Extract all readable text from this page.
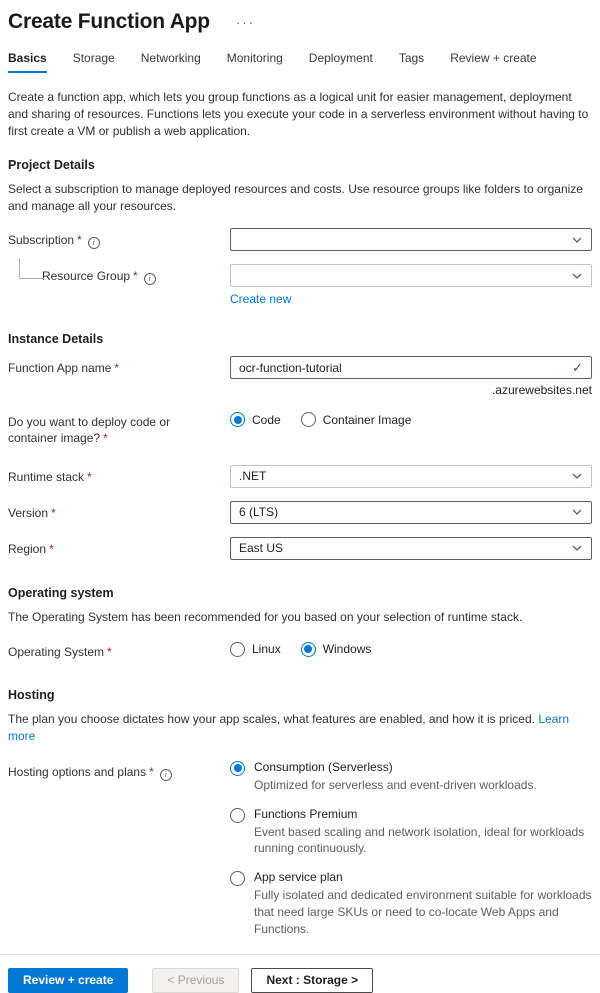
Create Function App ···
Basics Storage Networking Monitoring Deployment Tags Review + create

Create a function app, which lets you group functions as a logical unit for easier management, deployment and sharing of resources. Functions lets you execute your code in a serverless environment without having to first create a VM or publish a web application.

Project Details

Select a subscription to manage deployed resources and costs. Use resource groups like folders to organize and manage all your resources.

Subscription * i
Resource Group * i
Create new
Instance Details
Function App name *
ocr-function-tutorial	✓
.azurewebsites.net
Do you want to deploy code or container image? *
Code	Container Image
Runtime stack *	.NET
Version *	6 (LTS)
Region *	East US
Operating system

The Operating System has been recommended for you based on your selection of runtime stack.

Operating System *	Linux	Windows
Hosting

The plan you choose dictates how your app scales, what features are enabled, and how it is priced. Learn more

Hosting options and plans * i	Consumption (Serverless)
Optimized for serverless and event-driven workloads.
Functions Premium
Event based scaling and network isolation, ideal for workloads running continuously.
App service plan
Fully isolated and dedicated environment suitable for workloads that need large SKUs or need to co-locate Web Apps and Functions.
Review + create	< Previous	Next : Storage >
